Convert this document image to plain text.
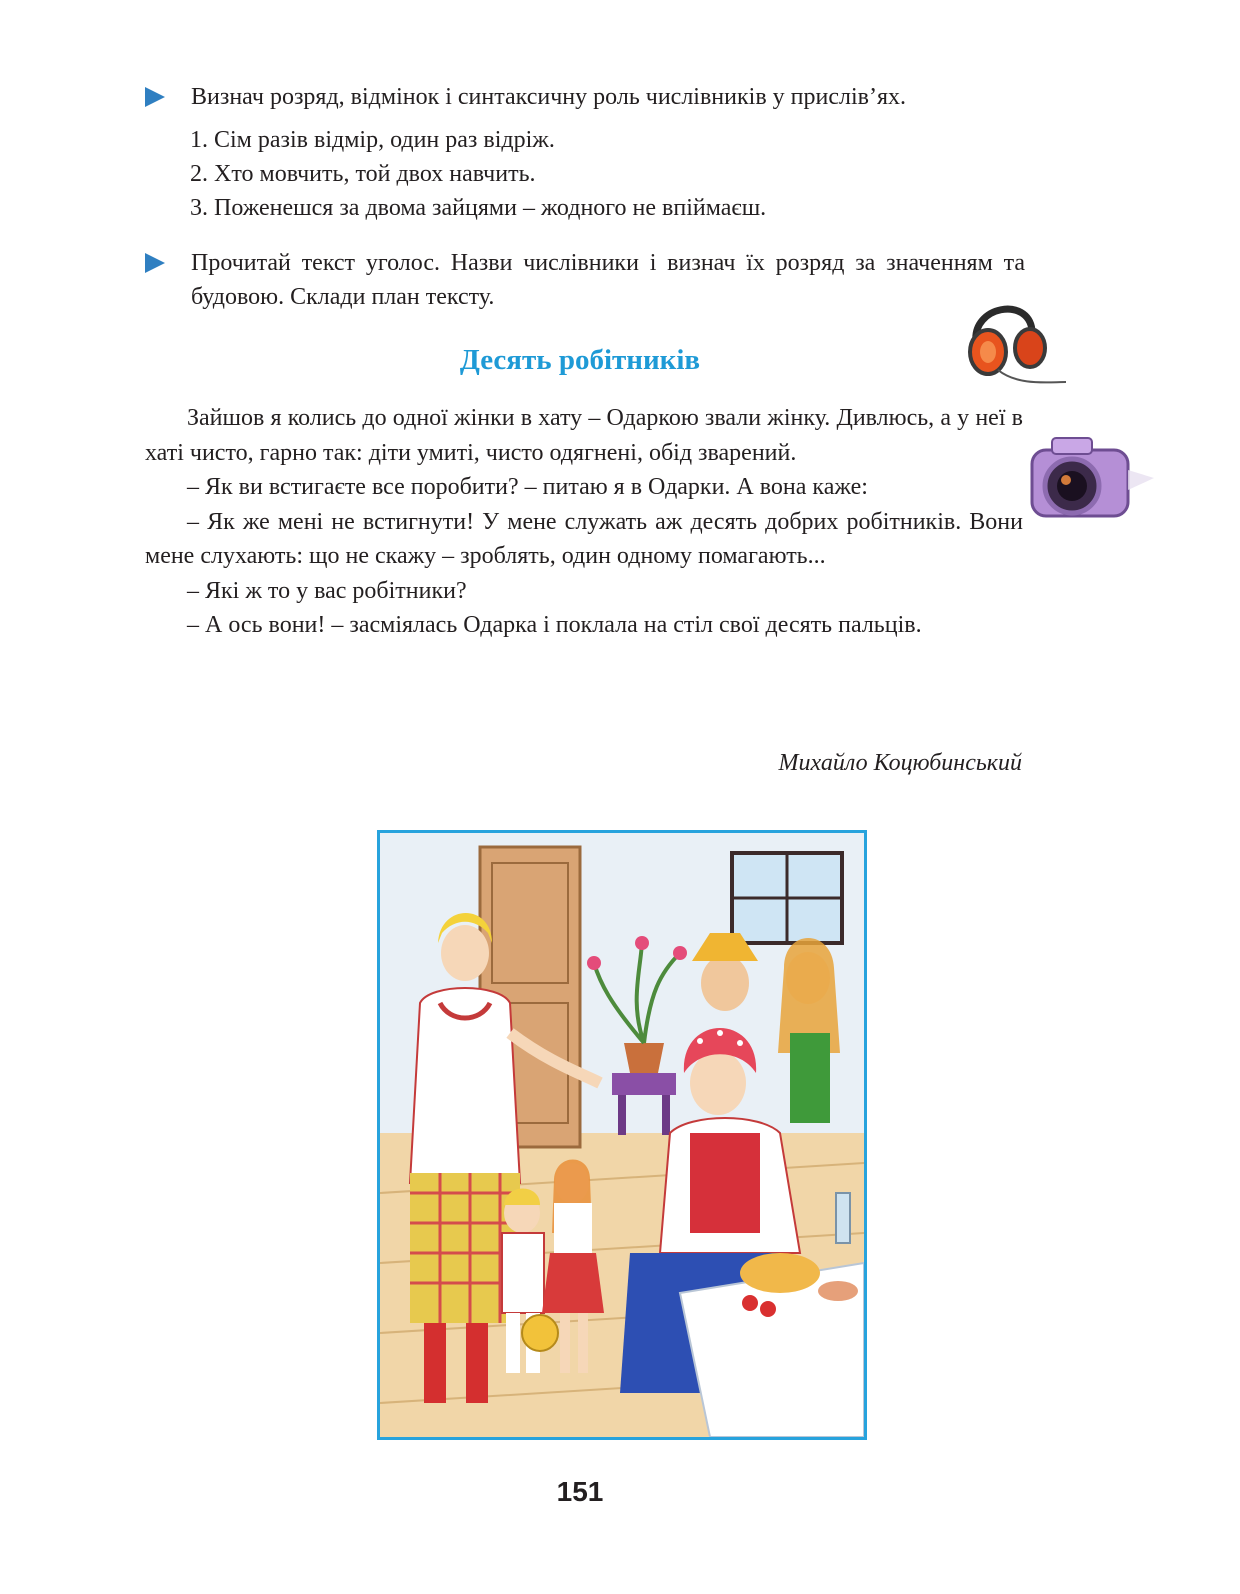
Визнач розряд, відмінок і синтаксичну роль числівників у прислів’ях.
1. Сім разів відмір, один раз відріж.
2. Хто мовчить, той двох навчить.
3. Поженешся за двома зайцями – жодного не впіймаєш.
Прочитай текст уголос. Назви числівники і визнач їх розряд за значенням та будовою. Склади план тексту.
Десять робітників

Зайшов я колись до одної жінки в хату – Одаркою звали жінку. Дивлюсь, а у неї в хаті чисто, гарно так: діти умиті, чисто одягнені, обід зварений.

– Як ви встигаєте все поробити? – питаю я в Одарки. А вона каже:

– Як же мені не встигнути! У мене служать аж десять добрих робітників. Вони мене слухають: що не скажу – зроблять, один одному помагають...

– Які ж то у вас робітники?

– А ось вони! – засміялась Одарка і поклала на стіл свої десять пальців.

Михайло Коцюбинський
151
